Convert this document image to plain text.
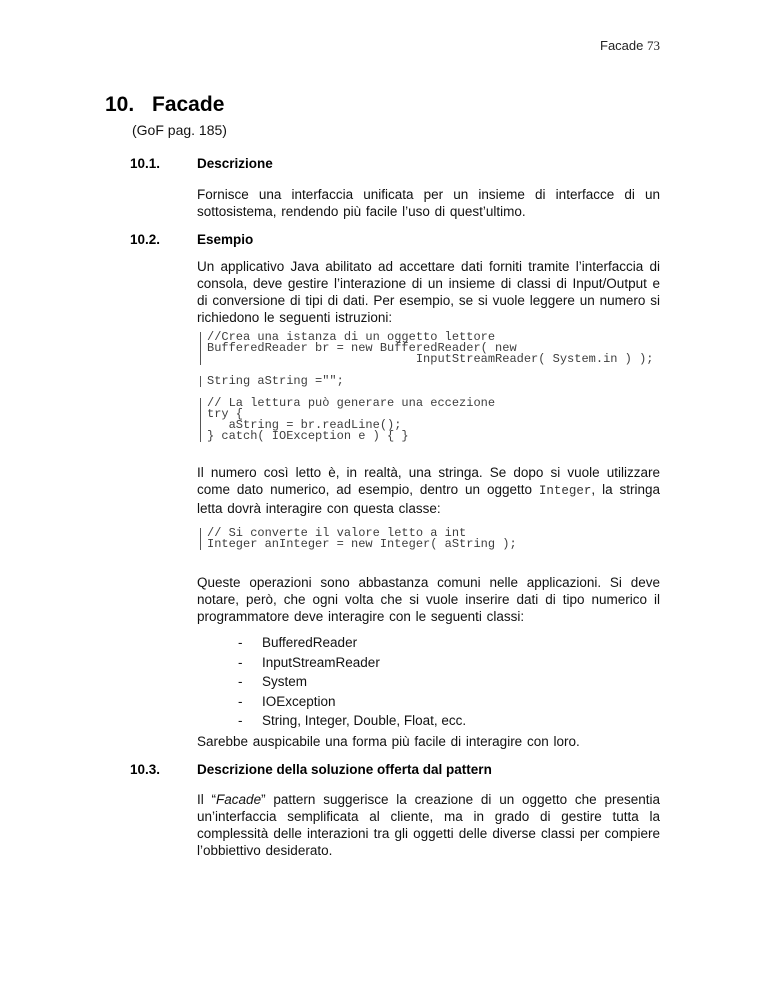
Facade 73
10. Facade
(GoF pag. 185)
10.1.	Descrizione

Fornisce una interfaccia unificata per un insieme di interfacce di un sottosistema, rendendo più facile l’uso di quest’ultimo.

10.2.	Esempio

Un applicativo Java abilitato ad accettare dati forniti tramite l’interfaccia di consola, deve gestire l’interazione di un insieme di classi di Input/Output e di conversione di tipi di dati. Per esempio, se si vuole leggere un numero si richiedono le seguenti istruzioni:

//Crea una istanza di un oggetto lettore
BufferedReader br = new BufferedReader( new
InputStreamReader( System.in ) );

String aString ="";

// La lettura può generare una eccezione
try {
aString = br.readLine();
} catch( IOException e ) { }

Il numero così letto è, in realtà, una stringa. Se dopo si vuole utilizzare come dato numerico, ad esempio, dentro un oggetto Integer, la stringa letta dovrà interagire con questa classe:

// Si converte il valore letto a int
Integer anInteger = new Integer( aString );

Queste operazioni sono abbastanza comuni nelle applicazioni. Si deve notare, però, che ogni volta che si vuole inserire dati di tipo numerico il programmatore deve interagire con le seguenti classi:

- BufferedReader
- InputStreamReader
- System
- IOException
- String, Integer, Double, Float, ecc.

Sarebbe auspicabile una forma più facile di interagire con loro.

10.3.	Descrizione della soluzione offerta dal pattern

Il “Facade” pattern suggerisce la creazione di un oggetto che presentia un’interfaccia semplificata al cliente, ma in grado di gestire tutta la complessità delle interazioni tra gli oggetti delle diverse classi per compiere l’obbiettivo desiderato.
